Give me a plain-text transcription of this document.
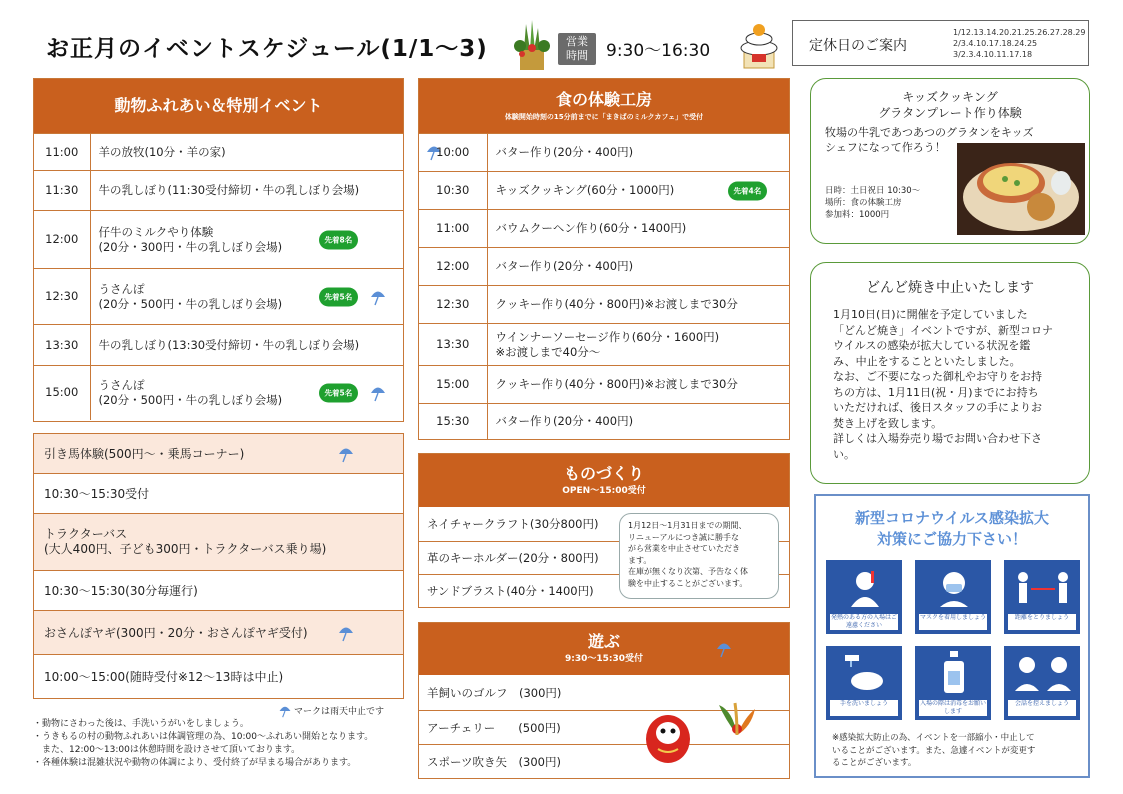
お正月のイベントスケジュール(1/1〜3)	営業
時間	9:30〜16:30	定休日のご案内
1/12.13.14.20.21.25.26.27.28.29
2/3.4.10.17.18.24.25
3/2.3.4.10.11.17.18
動物ふれあい＆特別イベント
11:00	羊の放牧(10分・羊の家)

11:30	牛の乳しぼり(11:30受付締切・牛の乳しぼり会場)
12:00	仔牛のミルクやり体験
(20分・300円・牛の乳しぼり会場) 先着8名

12:30	うさんぽ
(20分・500円・牛の乳しぼり会場) 先着5名

13:30	牛の乳しぼり(13:30受付締切・牛の乳しぼり会場)
15:00	うさんぽ
(20分・500円・牛の乳しぼり会場) 先着5名
引き馬体験(500円〜・乗馬コーナー)
10:30〜15:30受付
トラクターバス
(大人400円、子ども300円・トラクターバス乗り場)
10:30〜15:30(30分毎運行)
おさんぽヤギ(300円・20分・おさんぽヤギ受付)
10:00〜15:00(随時受付※12〜13時は中止)
マークは雨天中止です
・動物にさわった後は、手洗いうがいをしましょう。
・うきもるの村の動物ふれあいは体調管理の為、10:00〜ふれあい開始となります。
　また、12:00〜13:00は休憩時間を設けさせて頂いております。
・各種体験は混雑状況や動物の体調により、受付終了が早まる場合があります。
食の体験工房
体験開始時刻の15分前までに「まきばのミルクカフェ」で受付
10:00	バター作り(20分・400円)
10:30	キッズクッキング(60分・1000円) 先着4名

11:00	バウムクーヘン作り(60分・1400円)
12:00	バター作り(20分・400円)
12:30	クッキー作り(40分・800円)※お渡しまで30分
13:30	ウインナーソーセージ作り(60分・1600円)
※お渡しまで40分〜

15:00	クッキー作り(40分・800円)※お渡しまで30分
15:30	バター作り(20分・400円)
ものづくり
OPEN〜15:00受付
ネイチャークラフト(30分800円)
革のキーホルダー(20分・800円)
サンドブラスト(40分・1400円)
1月12日〜1月31日までの期間、
リニューアルにつき誠に勝手な
がら営業を中止させていただき
ます。
在庫が無くなり次第、予告なく体
験を中止することがございます。
遊ぶ
9:30〜15:30受付
羊飼いのゴルフ　(300円)
アーチェリー　　(500円)
スポーツ吹き矢　(300円)
キッズクッキング
グラタンプレート作り体験
牧場の牛乳であつあつのグラタンをキッズ
シェフになって作ろう！
日時：土日祝日 10:30〜
場所：食の体験工房
参加料：1000円
どんど焼き中止いたします
1月10日(日)に開催を予定していました
「どんど焼き」イベントですが、新型コロナ
ウイルスの感染が拡大している状況を鑑
み、中止をすることといたしました。
なお、ご不要になった御札やお守りをお持
ちの方は、1月11日(祝・月)までにお持ち
いただければ、後日スタッフの手によりお
焚き上げを致します。
詳しくは入場券売り場でお問い合わせ下さ
い。
新型コロナウイルス感染拡大
対策にご協力下さい！
発熱のある方の入場はご遠慮ください
マスクを着用しましょう	距離をとりましょう
手を洗いましょう	入場の際は消毒をお願いします
会話を控えましょう
※感染拡大防止の為、イベントを一部縮小・中止して
いることがございます。また、急遽イベントが変更す
ることがございます。
